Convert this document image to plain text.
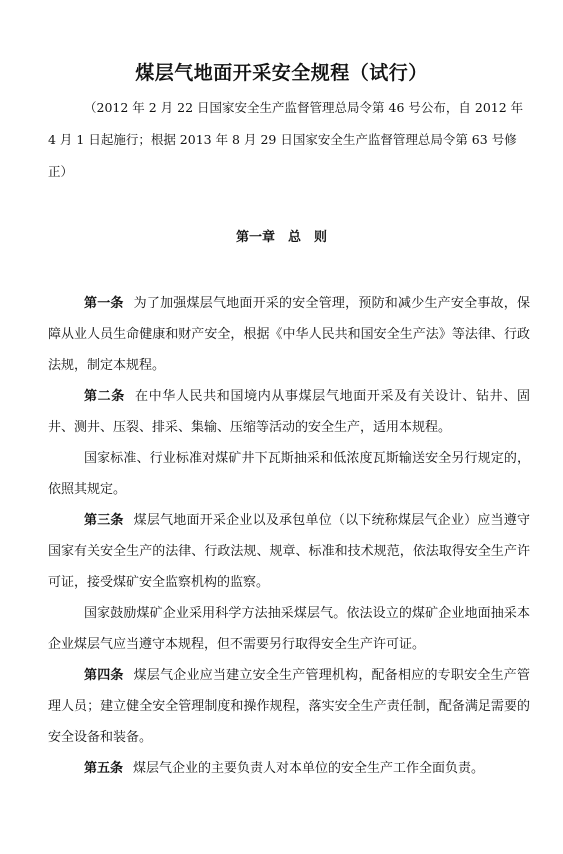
煤层气地面开采安全规程（试行）
（2012 年 2 月 22 日国家安全生产监督管理总局令第 46 号公布，自 2012 年 4 月 1 日起施行；根据 2013 年 8 月 29 日国家安全生产监督管理总局令第 63 号修正）
第一章　总　则

第一条 为了加强煤层气地面开采的安全管理，预防和减少生产安全事故，保障从业人员生命健康和财产安全，根据《中华人民共和国安全生产法》等法律、行政法规，制定本规程。

第二条 在中华人民共和国境内从事煤层气地面开采及有关设计、钻井、固井、测井、压裂、排采、集输、压缩等活动的安全生产，适用本规程。

国家标准、行业标准对煤矿井下瓦斯抽采和低浓度瓦斯输送安全另行规定的，依照其规定。

第三条 煤层气地面开采企业以及承包单位（以下统称煤层气企业）应当遵守国家有关安全生产的法律、行政法规、规章、标准和技术规范，依法取得安全生产许可证，接受煤矿安全监察机构的监察。

国家鼓励煤矿企业采用科学方法抽采煤层气。依法设立的煤矿企业地面抽采本企业煤层气应当遵守本规程，但不需要另行取得安全生产许可证。

第四条 煤层气企业应当建立安全生产管理机构，配备相应的专职安全生产管理人员；建立健全安全管理制度和操作规程，落实安全生产责任制，配备满足需要的安全设备和装备。

第五条 煤层气企业的主要负责人对本单位的安全生产工作全面负责。
